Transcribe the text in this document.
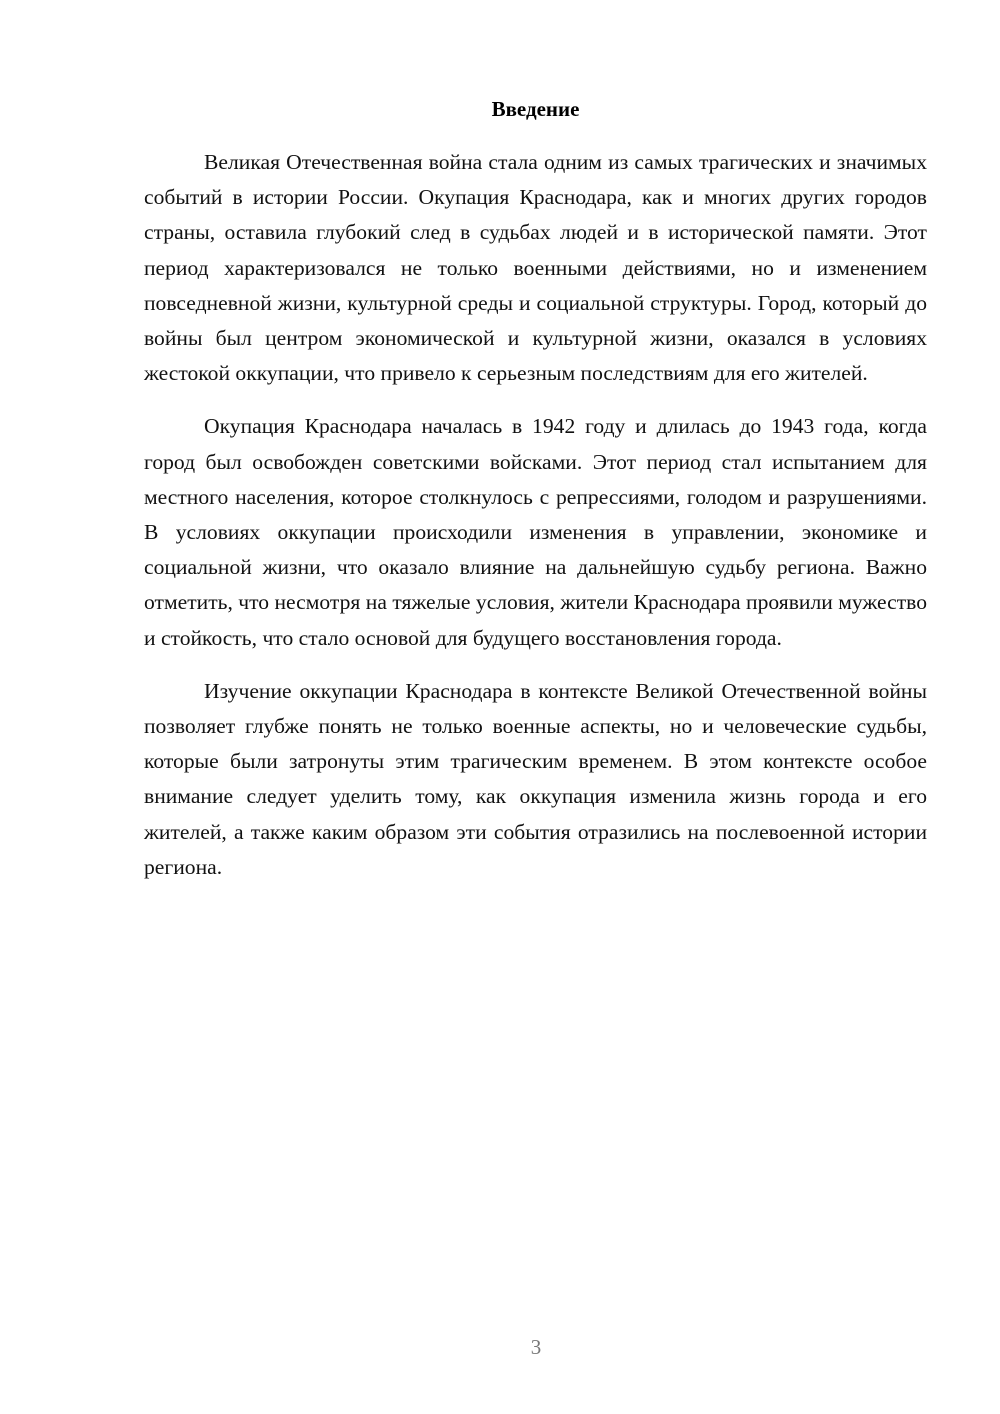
Введение

Великая Отечественная война стала одним из самых трагических и значимых событий в истории России. Окупация Краснодара, как и многих других городов страны, оставила глубокий след в судьбах людей и в исторической памяти. Этот период характеризовался не только военными действиями, но и изменением повседневной жизни, культурной среды и социальной структуры. Город, который до войны был центром экономической и культурной жизни, оказался в условиях жестокой оккупации, что привело к серьезным последствиям для его жителей.

Окупация Краснодара началась в 1942 году и длилась до 1943 года, когда город был освобожден советскими войсками. Этот период стал испытанием для местного населения, которое столкнулось с репрессиями, голодом и разрушениями. В условиях оккупации происходили изменения в управлении, экономике и социальной жизни, что оказало влияние на дальнейшую судьбу региона. Важно отметить, что несмотря на тяжелые условия, жители Краснодара проявили мужество и стойкость, что стало основой для будущего восстановления города.

Изучение оккупации Краснодара в контексте Великой Отечественной войны позволяет глубже понять не только военные аспекты, но и человеческие судьбы, которые были затронуты этим трагическим временем. В этом контексте особое внимание следует уделить тому, как оккупация изменила жизнь города и его жителей, а также каким образом эти события отразились на послевоенной истории региона.

3
